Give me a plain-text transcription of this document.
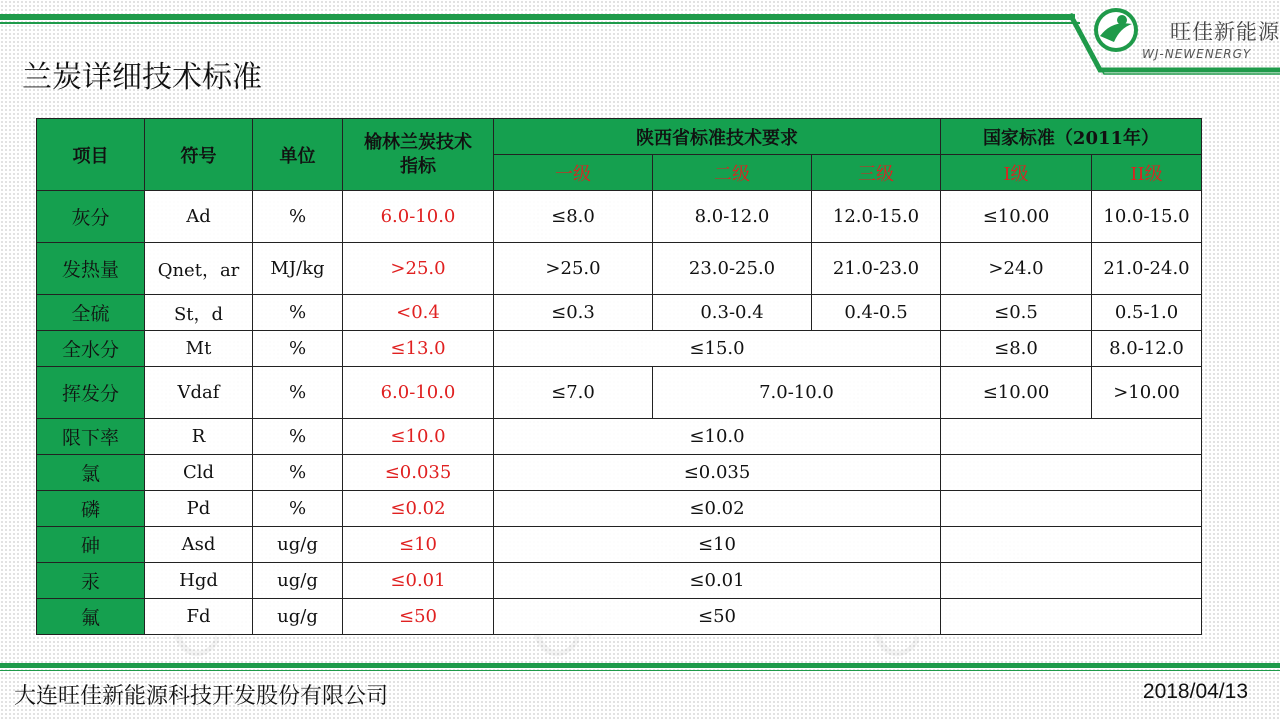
旺佳新能源
WJ-NEWENERGY
兰炭详细技术标准
项目	符号	单位	榆林兰炭技术指标	陕西省标准技术要求			国家标准（2011年）	
				一级	二级	三级	I级	II级
灰分	Ad	%	6.0-10.0	≤8.0	8.0-12.0	12.0-15.0	≤10.00	10.0-15.0
发热量	Qnet，ar	MJ/kg	>25.0	>25.0	23.0-25.0	21.0-23.0	>24.0	21.0-24.0
全硫	St，d	%	<0.4	≤0.3	0.3-0.4	0.4-0.5	≤0.5	0.5-1.0
全水分	Mt	%	≤13.0	≤15.0			≤8.0	8.0-12.0
挥发分	Vdaf	%	6.0-10.0	≤7.0	7.0-10.0		≤10.00	>10.00
限下率	R	%	≤10.0	≤10.0				
氯	Cld	%	≤0.035	≤0.035				
磷	Pd	%	≤0.02	≤0.02				
砷	Asd	ug/g	≤10	≤10				
汞	Hgd	ug/g	≤0.01	≤0.01				
氟	Fd	ug/g	≤50	≤50				
大连旺佳新能源科技开发股份有限公司	2018/04/13
